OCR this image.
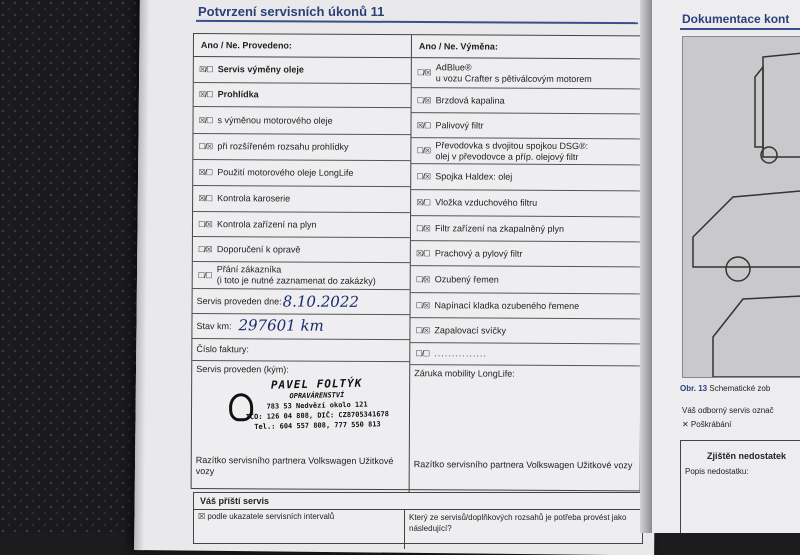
Potvrzení servisních úkonů 11
Ano / Ne. Provedeno:
☒/☐ Servis výměny oleje
☒/☐ Prohlídka
☒/☐ s výměnou motorového oleje
☐/☒ při rozšířeném rozsahu prohlídky
☒/☐ Použití motorového oleje LongLife
☒/☐ Kontrola karoserie
☐/☒ Kontrola zařízení na plyn
☐/☒ Doporučení k opravě
☐/☐
Přání zákazníka
(i toto je nutné zaznamenat do zakázky)
Servis proveden dne: 8.10.2022
Stav km: 297601 km
Číslo faktury:
Servis proveden (kým):
PAVEL FOLTÝK
OPRAVÁRENSTVÍ
783 53 Nedvězí okolo 121
IČO: 126 04 808, DIČ: CZ8705341678
Tel.: 604 557 808, 777 550 813
Razítko servisního partnera Volkswagen Užitkové vozy
Ano / Ne. Výměna:
☐/☒
AdBlue®
u vozu Crafter s pětiválcovým motorem
☐/☒ Brzdová kapalina
☒/☐ Palivový filtr
☐/☒
Převodovka s dvojitou spojkou DSG®:
olej v převodovce a příp. olejový filtr
☐/☒ Spojka Haldex: olej
☒/☐ Vložka vzduchového filtru
☐/☒ Filtr zařízení na zkapalněný plyn
☒/☐ Prachový a pylový filtr
☐/☒ Ozubený řemen
☐/☒ Napínací kladka ozubeného řemene
☐/☒ Zapalovací svíčky
☐/☐ ...............
Záruka mobility LongLife:
Razítko servisního partnera Volkswagen Užitkové vozy
Váš příští servis
☒ podle ukazatele servisních intervalů	Který ze servisů/doplňkových rozsahů je potřeba provést jako následující?
Dokumentace kont
Obr. 13 Schematické zob
Váš odborný servis označ
✕ Poškrábání
Zjištěn nedostatek
Popis nedostatku:
